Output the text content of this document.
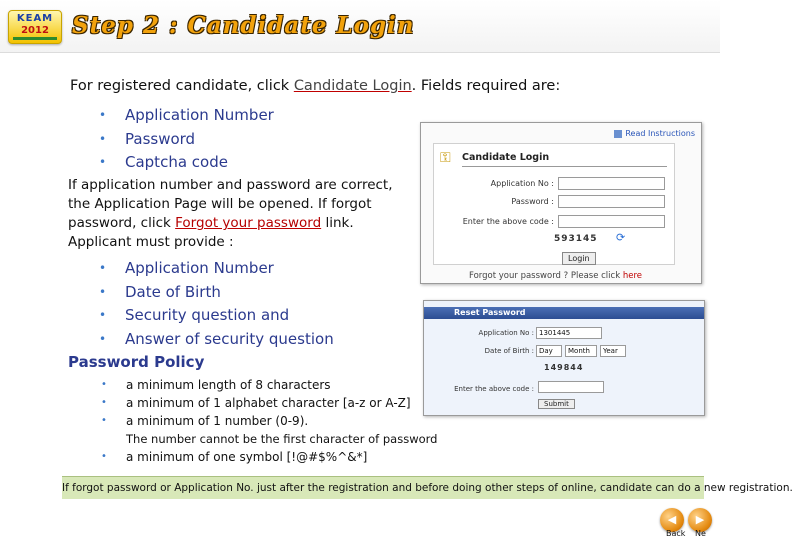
KEAM
2012	Step 2 : Candidate Login
For registered candidate, click Candidate Login. Fields required are:
• Application Number
• Password
• Captcha code
If application number and password are correct, the Application Page will be opened. If forgot password, click Forgot your password link. Applicant must provide :
• Application Number
• Date of Birth
• Security question and
• Answer of security question
Password Policy
• a minimum length of 8 characters
• a minimum of 1 alphabet character [a-z or A-Z]
• a minimum of 1 number (0-9).
The number cannot be the first character of password
• a minimum of one symbol [!@#$%^&*]
If forgot password or Application No. just after the registration and before doing other steps of online, candidate can do a new registration.
Read Instructions
⚿ Candidate Login
Application No :
Password :
593145 ⟳
Enter the above code :
Login
Forgot your password ? Please click here
Reset Password
Application No : 1301445
Date of Birth : Day	Month	Year
149844
Enter the above code :
Submit
◀
Back
▶
Ne
